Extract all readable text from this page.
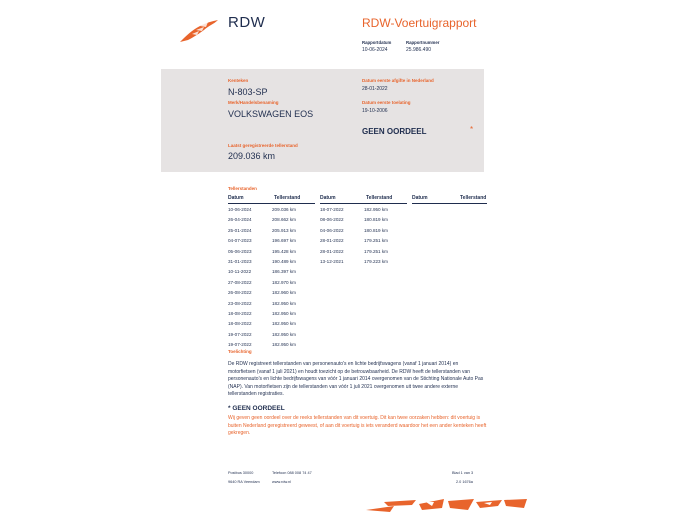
RDW	RDW-Voertuigrapport
Rapportdatum
10-06-2024
Rapportnummer
25.986.490
Kenteken
N-803-SP
Merk/Handelsbenaming
VOLKSWAGEN EOS
Laatst geregistreerde tellerstand
209.036 km
Datum eerste afgifte in Nederland
28-01-2022
Datum eerste toelating
19-10-2006
GEEN OORDEEL	*
Tellerstanden
Datum	Tellerstand	Datum	Tellerstand	Datum	Tellerstand
10-06-2024	209.036 km
26-04-2024	208.662 km
25-01-2024	205.913 km
04-07-2023	196.697 km
05-06-2023	195.428 km
31-01-2023	190.489 km
10-11-2022	186.397 km
27-08-2022	182.970 km
26-08-2022	182.960 km
23-08-2022	182.950 km
18-08-2022	182.950 km
18-08-2022	182.950 km
19-07-2022	182.950 km
19-07-2022	182.950 km
18-07-2022	182.950 km
08-06-2022	180.819 km
04-06-2022	180.819 km
28-01-2022	179.251 km
28-01-2022	179.251 km
13-12-2021	179.223 km
Toelichting
De RDW registreert tellerstanden van personenauto's en lichte bedrijfswagens (vanaf 1 januari 2014) en motorfietsen (vanaf 1 juli 2021) en houdt toezicht op de betrouwbaarheid. De RDW heeft de tellerstanden van personenauto's en lichte bedrijfswagens van vóór 1 januari 2014 overgenomen van de Stichting Nationale Auto Pas (NAP). Van motorfietsen zijn de tellerstanden van vóór 1 juli 2021 overgenomen uit twee andere externe tellerstanden registraties.
* GEEN OORDEEL
Wij geven geen oordeel over de reeks tellerstanden van dit voertuig. Dit kan twee oorzaken hebben: dit voertuig is buiten Nederland geregistreerd geweest, of aan dit voertuig is iets veranderd waardoor het een ander kenteken heeft gekregen.
Postbus 30000
9640 RA Veendam
Telefoon 088 008 74 47
www.rdw.nl
Blad 1 van 3
2.0 1676a
